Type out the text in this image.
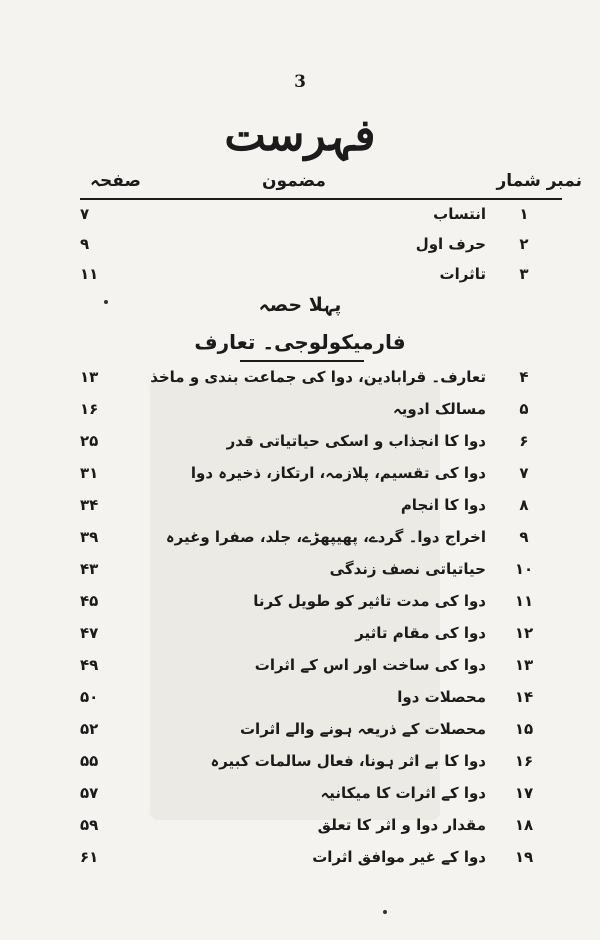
3
فہرست
نمبر شمار
مضمون
صفحہ
۱
انتساب
۷
۲
حرف اول
۹
۳
تاثرات
۱۱
پہلا حصہ
فارمیکولوجی۔ تعارف
۴
تعارف۔ قرابادین، دوا کی جماعت بندی و ماخذ
۱۳
۵
مسالک ادویہ
۱۶
۶
دوا کا انجذاب و اسکی حیاتیاتی قدر
۲۵
۷
دوا کی تقسیم، پلازمہ، ارتکاز، ذخیرہ دوا
۳۱
۸
دوا کا انجام
۳۴
۹
اخراج دوا۔ گردے، پھیپھڑے، جلد، صفرا وغیرہ
۳۹
۱۰
حیاتیاتی نصف زندگی
۴۳
۱۱
دوا کی مدت تاثیر کو طویل کرنا
۴۵
۱۲
دوا کی مقام تاثیر
۴۷
۱۳
دوا کی ساخت اور اس کے اثرات
۴۹
۱۴
محصلات دوا
۵۰
۱۵
محصلات کے ذریعہ ہونے والے اثرات
۵۲
۱۶
دوا کا بے اثر ہونا، فعال سالمات کبیرہ
۵۵
۱۷
دوا کے اثرات کا میکانیہ
۵۷
۱۸
مقدار دوا و اثر کا تعلق
۵۹
۱۹
دوا کے غیر موافق اثرات
۶۱
